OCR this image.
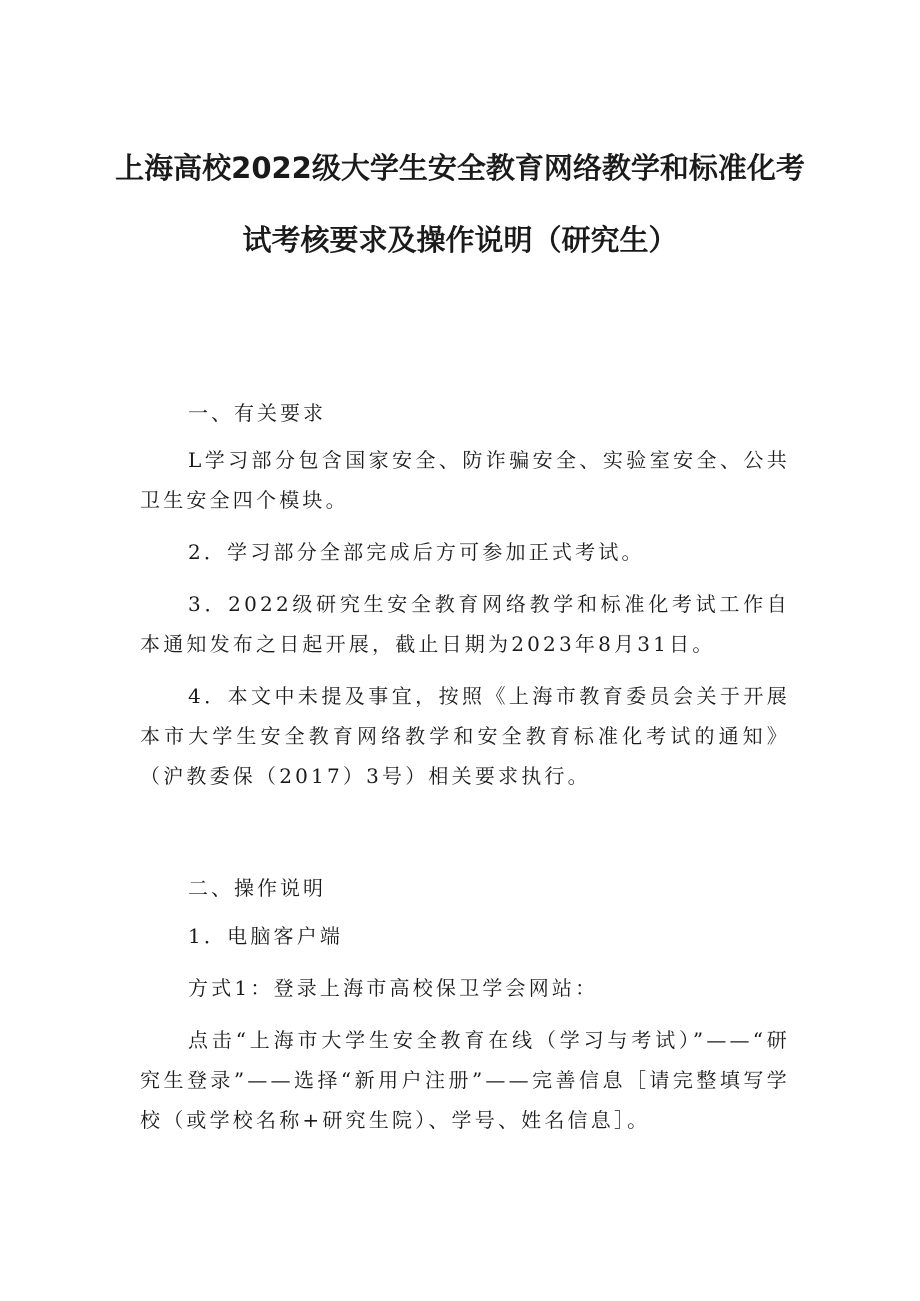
上海高校2022级大学生安全教育网络教学和标准化考
试考核要求及操作说明（研究生）

一、有关要求

L学习部分包含国家安全、防诈骗安全、实验室安全、公共卫生安全四个模块。

2．学习部分全部完成后方可参加正式考试。

3．2022级研究生安全教育网络教学和标准化考试工作自本通知发布之日起开展，截止日期为2023年8月31日。

4．本文中未提及事宜，按照《上海市教育委员会关于开展本市大学生安全教育网络教学和安全教育标准化考试的通知》（沪教委保（2017）3号）相关要求执行。

二、操作说明

1．电脑客户端

方式1：登录上海市高校保卫学会网站：

点击“上海市大学生安全教育在线（学习与考试）”——“研究生登录”——选择“新用户注册”——完善信息［请完整填写学校（或学校名称+研究生院）、学号、姓名信息］。
